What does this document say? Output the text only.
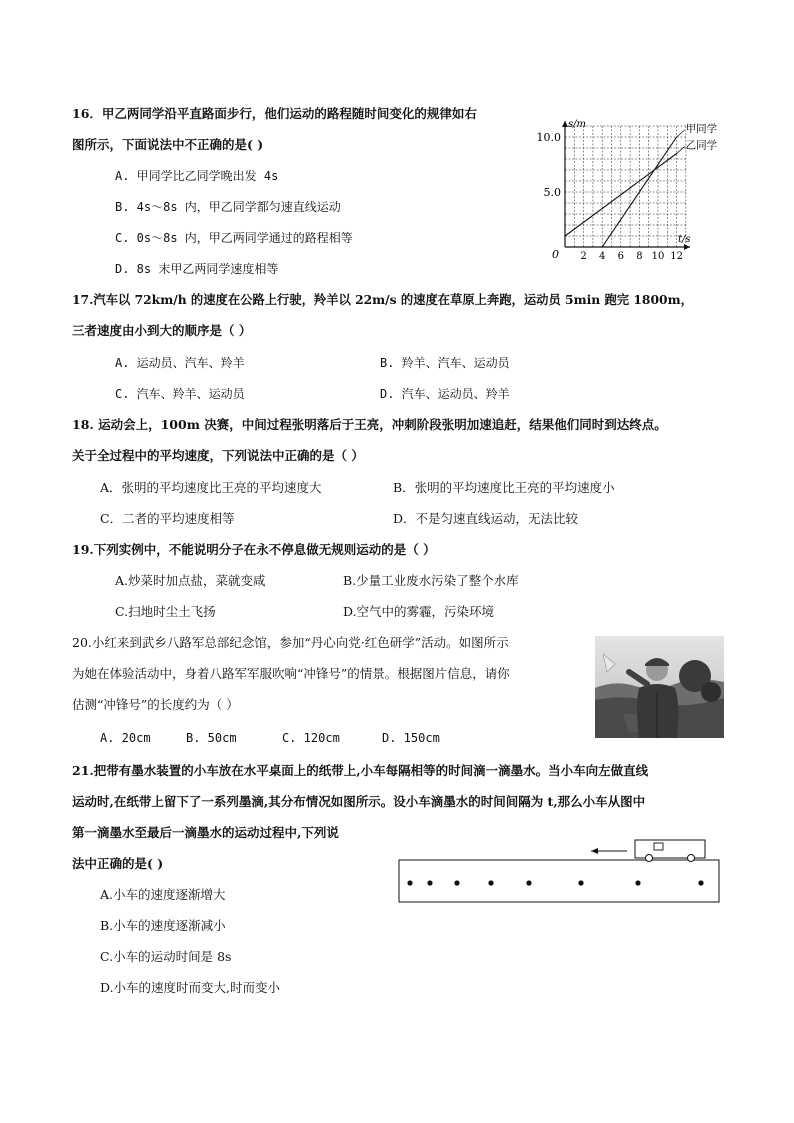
16．甲乙两同学沿平直路面步行，他们运动的路程随时间变化的规律如右
图所示，下面说法中不正确的是( )
A. 甲同学比乙同学晚出发 4s
B. 4s～8s 内，甲乙同学都匀速直线运动
C. 0s～8s 内，甲乙两同学通过的路程相等
D. 8s 末甲乙两同学速度相等
s/m
t/s
0
10.0
5.0
2 4 6 8 10 12
甲同学
乙同学
17.汽车以 72km/h 的速度在公路上行驶，羚羊以 22m/s 的速度在草原上奔跑，运动员 5min 跑完 1800m，
三者速度由小到大的顺序是（ ）
A. 运动员、汽车、羚羊	B. 羚羊、汽车、运动员
C. 汽车、羚羊、运动员	D. 汽车、运动员、羚羊
18. 运动会上，100m 决赛，中间过程张明落后于王亮，冲刺阶段张明加速追赶，结果他们同时到达终点。
关于全过程中的平均速度，下列说法中正确的是（ ）
A．张明的平均速度比王亮的平均速度大	B．张明的平均速度比王亮的平均速度小
C．二者的平均速度相等	D．不是匀速直线运动，无法比较
19.下列实例中，不能说明分子在永不停息做无规则运动的是（ ）
A.炒菜时加点盐，菜就变咸	B.少量工业废水污染了整个水库
C.扫地时尘土飞扬	D.空气中的雾霾，污染环境
20.小红来到武乡八路军总部纪念馆，参加“丹心向党·红色研学”活动。如图所示
为她在体验活动中，身着八路军军服吹响“冲锋号”的情景。根据图片信息，请你
估测“冲锋号”的长度约为（ ）
A. 20cm	B. 50cm	C. 120cm	D. 150cm
21.把带有墨水装置的小车放在水平桌面上的纸带上,小车每隔相等的时间滴一滴墨水。当小车向左做直线
运动时,在纸带上留下了一系列墨滴,其分布情况如图所示。设小车滴墨水的时间间隔为 t,那么小车从图中
第一滴墨水至最后一滴墨水的运动过程中,下列说
法中正确的是( )
A.小车的速度逐渐增大
B.小车的速度逐渐减小
C.小车的运动时间是 8s
D.小车的速度时而变大,时而变小
